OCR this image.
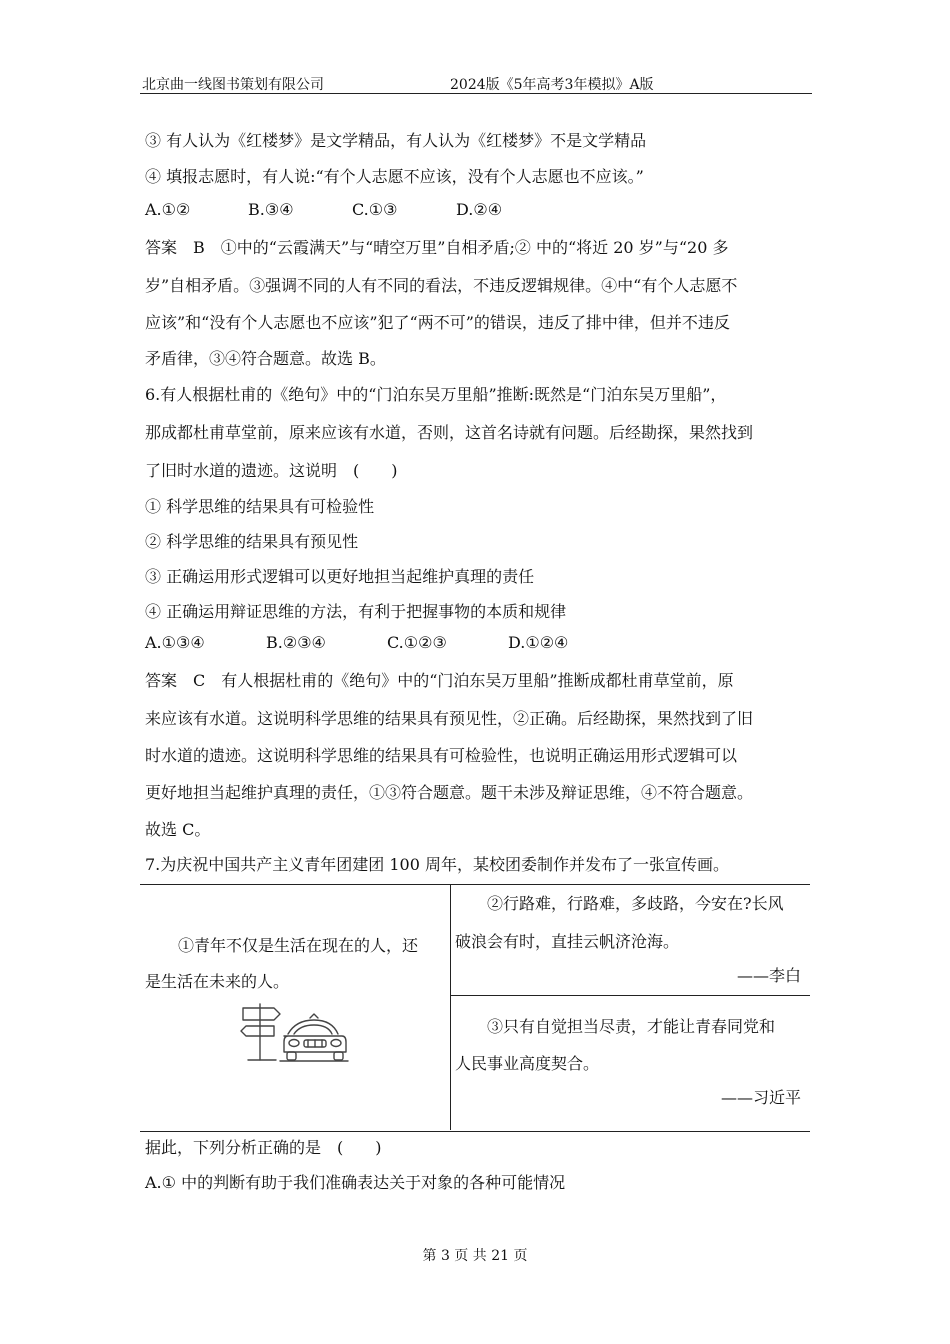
北京曲一线图书策划有限公司	2024版《5年高考3年模拟》A版
③ 有人认为《红楼梦》是文学精品，有人认为《红楼梦》不是文学精品
④ 填报志愿时，有人说:“有个人志愿不应该，没有个人志愿也不应该。”
A.①②	B.③④	C.①③	D.②④
答案　B　①中的“云霞满天”与“晴空万里”自相矛盾;② 中的“将近 20 岁”与“20 多
岁”自相矛盾。③强调不同的人有不同的看法，不违反逻辑规律。④中“有个人志愿不
应该”和“没有个人志愿也不应该”犯了“两不可”的错误，违反了排中律，但并不违反
矛盾律，③④符合题意。故选 B。
6.有人根据杜甫的《绝句》中的“门泊东吴万里船”推断:既然是“门泊东吴万里船”，
那成都杜甫草堂前，原来应该有水道，否则，这首名诗就有问题。后经勘探，果然找到
了旧时水道的遗迹。这说明　(　　)
① 科学思维的结果具有可检验性
② 科学思维的结果具有预见性
③ 正确运用形式逻辑可以更好地担当起维护真理的责任
④ 正确运用辩证思维的方法，有利于把握事物的本质和规律
A.①③④	B.②③④	C.①②③	D.①②④
答案　C　有人根据杜甫的《绝句》中的“门泊东吴万里船”推断成都杜甫草堂前，原
来应该有水道。这说明科学思维的结果具有预见性，②正确。后经勘探，果然找到了旧
时水道的遗迹。这说明科学思维的结果具有可检验性，也说明正确运用形式逻辑可以
更好地担当起维护真理的责任，①③符合题意。题干未涉及辩证思维，④不符合题意。
故选 C。
7.为庆祝中国共产主义青年团建团 100 周年，某校团委制作并发布了一张宣传画。
①青年不仅是生活在现在的人，还
是生活在未来的人。
②行路难，行路难，多歧路，今安在?长风
破浪会有时，直挂云帆济沧海。
——李白
③只有自觉担当尽责，才能让青春同党和
人民事业高度契合。
——习近平
据此，下列分析正确的是　(　　)
A.① 中的判断有助于我们准确表达关于对象的各种可能情况
第 3 页 共 21 页
